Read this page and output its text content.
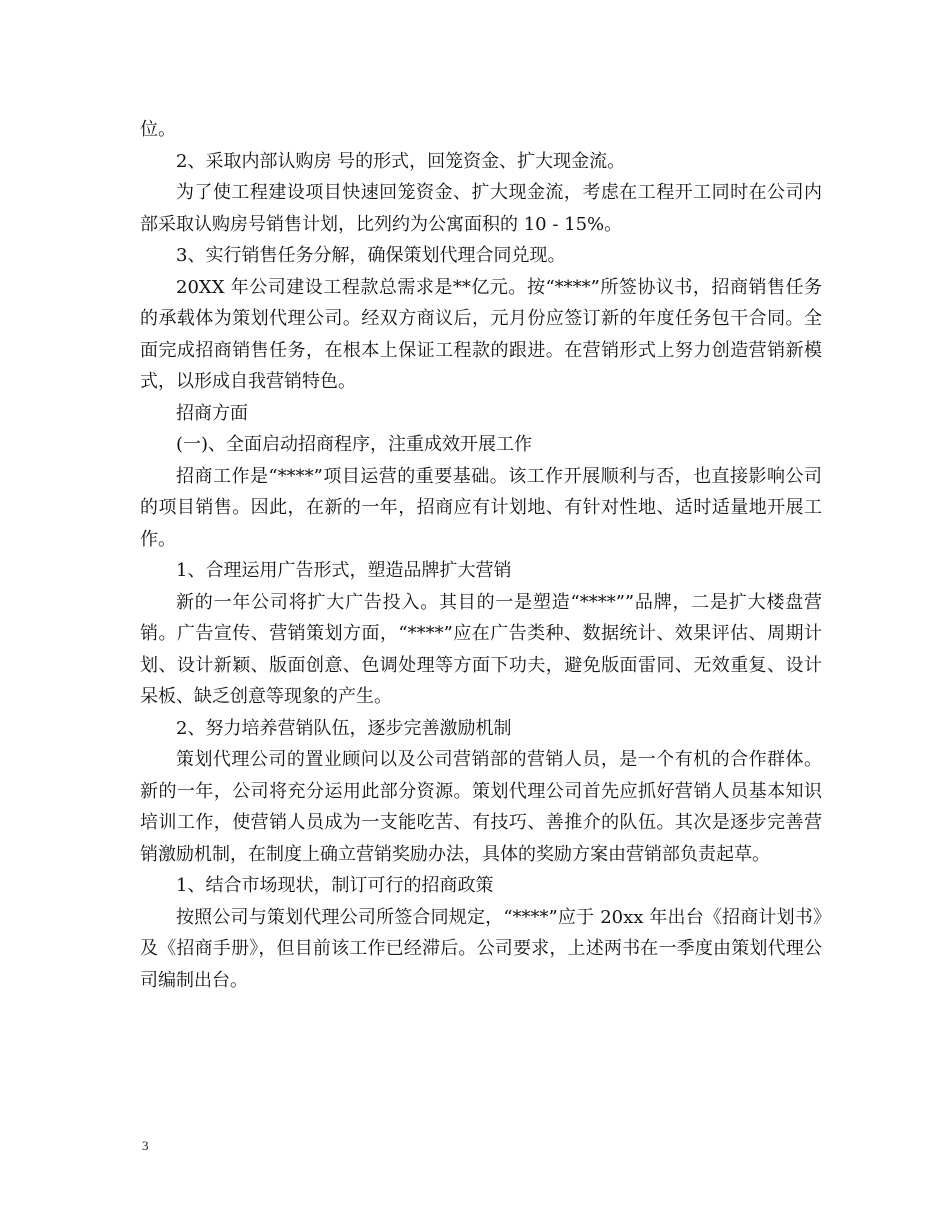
位。

2、采取内部认购房 号的形式，回笼资金、扩大现金流。

为了使工程建设项目快速回笼资金、扩大现金流，考虑在工程开工同时在公司内部采取认购房号销售计划，比列约为公寓面积的 10 - 15%。

3、实行销售任务分解，确保策划代理合同兑现。

20XX 年公司建设工程款总需求是**亿元。按“****”所签协议书，招商销售任务的承载体为策划代理公司。经双方商议后，元月份应签订新的年度任务包干合同。全面完成招商销售任务，在根本上保证工程款的跟进。在营销形式上努力创造营销新模式，以形成自我营销特色。

招商方面

(一)、全面启动招商程序，注重成效开展工作

招商工作是“****”项目运营的重要基础。该工作开展顺利与否，也直接影响公司的项目销售。因此，在新的一年，招商应有计划地、有针对性地、适时适量地开展工作。

1、合理运用广告形式，塑造品牌扩大营销

新的一年公司将扩大广告投入。其目的一是塑造“****””品牌，二是扩大楼盘营销。广告宣传、营销策划方面，“****”应在广告类种、数据统计、效果评估、周期计划、设计新颖、版面创意、色调处理等方面下功夫，避免版面雷同、无效重复、设计呆板、缺乏创意等现象的产生。

2、努力培养营销队伍，逐步完善激励机制

策划代理公司的置业顾问以及公司营销部的营销人员，是一个有机的合作群体。新的一年，公司将充分运用此部分资源。策划代理公司首先应抓好营销人员基本知识培训工作，使营销人员成为一支能吃苦、有技巧、善推介的队伍。其次是逐步完善营销激励机制，在制度上确立营销奖励办法，具体的奖励方案由营销部负责起草。

1、结合市场现状，制订可行的招商政策

按照公司与策划代理公司所签合同规定，“****”应于 20xx 年出台《招商计划书》及《招商手册》，但目前该工作已经滞后。公司要求，上述两书在一季度由策划代理公司编制出台。

3
